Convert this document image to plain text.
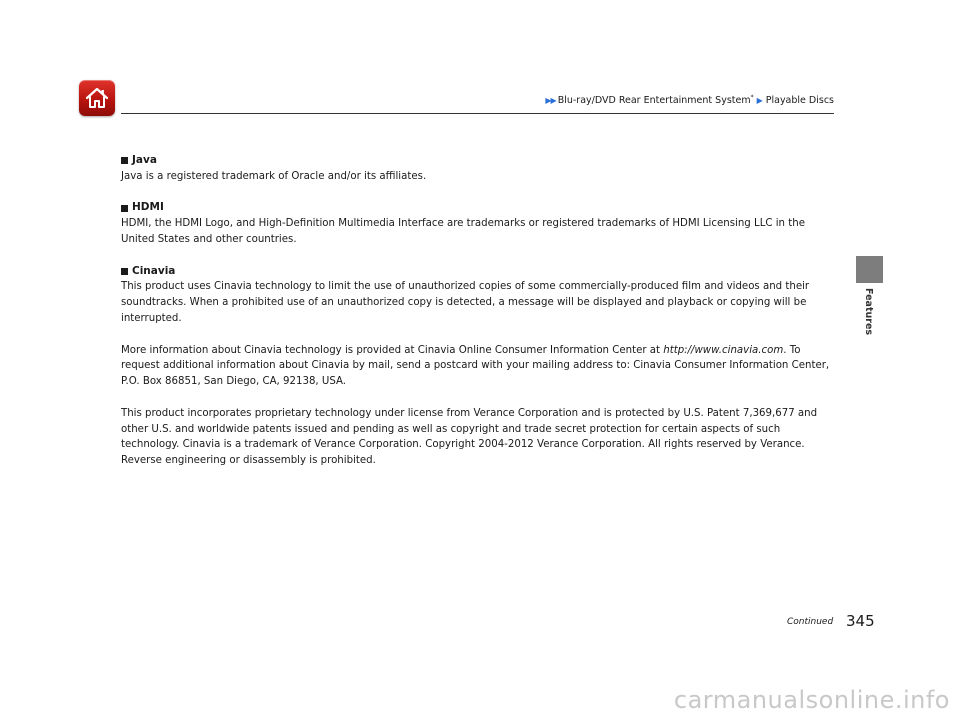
▶▶ Blu-ray/DVD Rear Entertainment System* ▶ Playable Discs
Features
Java

Java is a registered trademark of Oracle and/or its affiliates.

HDMI

HDMI, the HDMI Logo, and High-Definition Multimedia Interface are trademarks or registered trademarks of HDMI Licensing LLC in the

United States and other countries.

Cinavia

This product uses Cinavia technology to limit the use of unauthorized copies of some commercially-produced film and videos and their

soundtracks. When a prohibited use of an unauthorized copy is detected, a message will be displayed and playback or copying will be

interrupted.

More information about Cinavia technology is provided at Cinavia Online Consumer Information Center at http://www.cinavia.com. To

request additional information about Cinavia by mail, send a postcard with your mailing address to: Cinavia Consumer Information Center,

P.O. Box 86851, San Diego, CA, 92138, USA.

This product incorporates proprietary technology under license from Verance Corporation and is protected by U.S. Patent 7,369,677 and

other U.S. and worldwide patents issued and pending as well as copyright and trade secret protection for certain aspects of such

technology. Cinavia is a trademark of Verance Corporation. Copyright 2004-2012 Verance Corporation. All rights reserved by Verance.

Reverse engineering or disassembly is prohibited.

Continued 345
carmanualsonline.info
